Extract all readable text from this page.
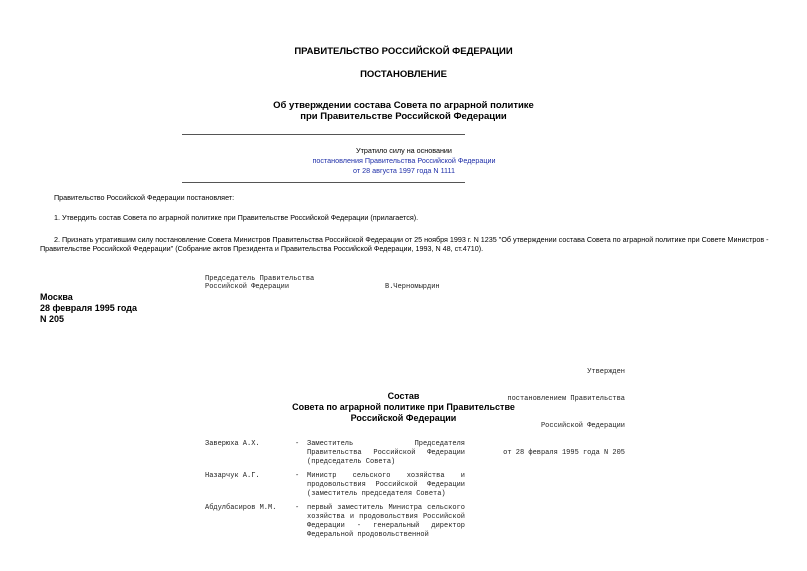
ПРАВИТЕЛЬСТВО РОССИЙСКОЙ ФЕДЕРАЦИИ
ПОСТАНОВЛЕНИЕ
Об утверждении состава Совета по аграрной политике
при Правительстве Российской Федерации
Утратило силу на основании
постановления Правительства Российской Федерации
от 28 августа 1997 года N 1111
Правительство Российской Федерации постановляет:
1. Утвердить состав Совета по аграрной политике при Правительстве Российской Федерации (прилагается).
2. Признать утратившим силу постановление Совета Министров Правительства Российской Федерации от 25 ноября 1993 г. N 1235 "Об утверждении состава Совета по аграрной политике при Совете Министров -
Правительстве Российской Федерации" (Собрание актов Президента и Правительства Российской Федерации, 1993, N 48, ст.4710).
Председатель Правительства
Российской Федерации	В.Черномырдин
Москва
28 февраля 1995 года
N 205

Утвержден

постановлением Правительства

Российской Федерации

от 28 февраля 1995 года N 205

Состав
Совета по аграрной политике при Правительстве
Российской Федерации
Заверюха А.Х.	- Заместитель Председателя Правительства Российской Федерации (председатель Совета)
Назарчук А.Г.	- Министр сельского хозяйства и продовольствия Российской Федерации (заместитель председателя Совета)
Абдулбасиров М.М.	- первый заместитель Министра сельского хозяйства и продовольствия Российской Федерации - генеральный директор Федеральной продовольственной
